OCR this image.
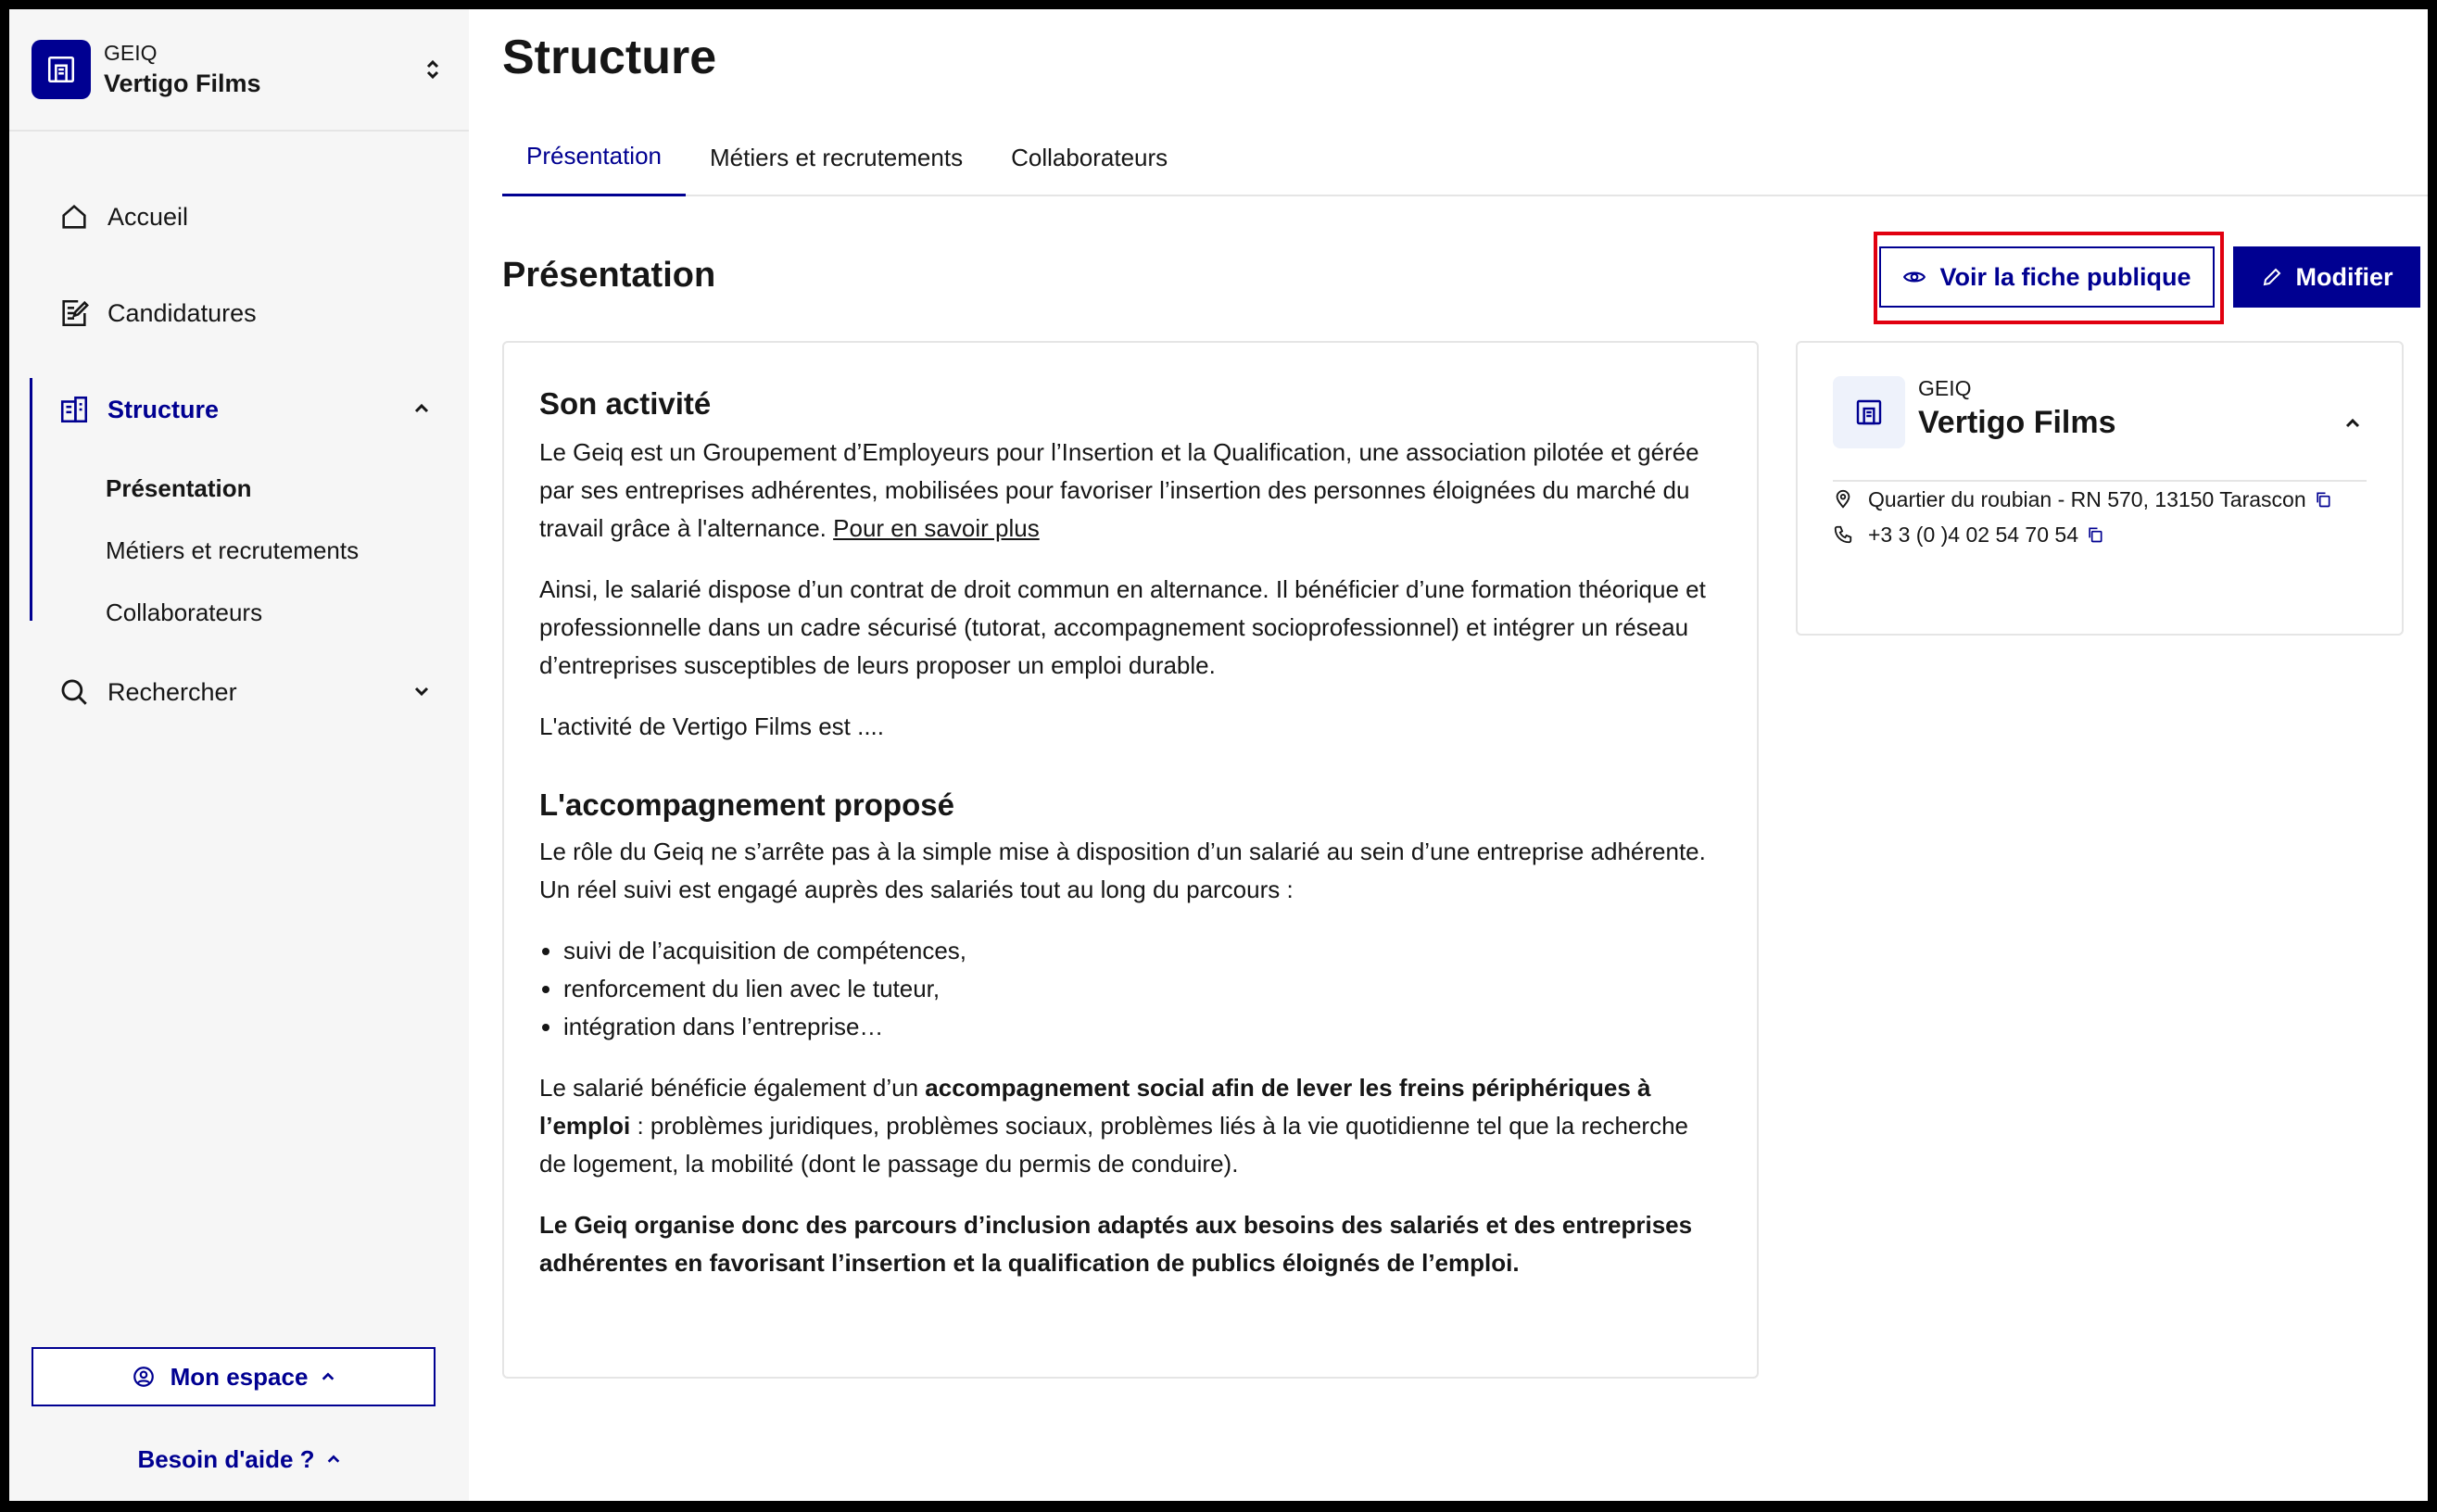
GEIQ
Vertigo Films
Accueil
Candidatures
Structure
Présentation
Métiers et recrutements
Collaborateurs
Rechercher
Mon espace
Besoin d'aide ?
Structure
Présentation	Métiers et recrutements	Collaborateurs
Présentation	Voir la fiche publique	Modifier
Son activité

Le Geiq est un Groupement d’Employeurs pour l’Insertion et la Qualification, une association pilotée et gérée par ses entreprises adhérentes, mobilisées pour favoriser l’insertion des personnes éloignées du marché du travail grâce à l'alternance. Pour en savoir plus

Ainsi, le salarié dispose d’un contrat de droit commun en alternance. Il bénéficier d’une formation théorique et professionnelle dans un cadre sécurisé (tutorat, accompagnement socioprofessionnel) et intégrer un réseau d’entreprises susceptibles de leurs proposer un emploi durable.

L'activité de Vertigo Films est ....

L'accompagnement proposé

Le rôle du Geiq ne s’arrête pas à la simple mise à disposition d’un salarié au sein d’une entreprise adhérente. Un réel suivi est engagé auprès des salariés tout au long du parcours :

• suivi de l’acquisition de compétences,
• renforcement du lien avec le tuteur,
• intégration dans l’entreprise…

Le salarié bénéficie également d’un accompagnement social afin de lever les freins périphériques à l’emploi : problèmes juridiques, problèmes sociaux, problèmes liés à la vie quotidienne tel que la recherche de logement, la mobilité (dont le passage du permis de conduire).

Le Geiq organise donc des parcours d’inclusion adaptés aux besoins des salariés et des entreprises adhérentes en favorisant l’insertion et la qualification de publics éloignés de l’emploi.

GEIQ
Vertigo Films
Quartier du roubian - RN 570, 13150 Tarascon
+3 3 (0 )4 02 54 70 54
